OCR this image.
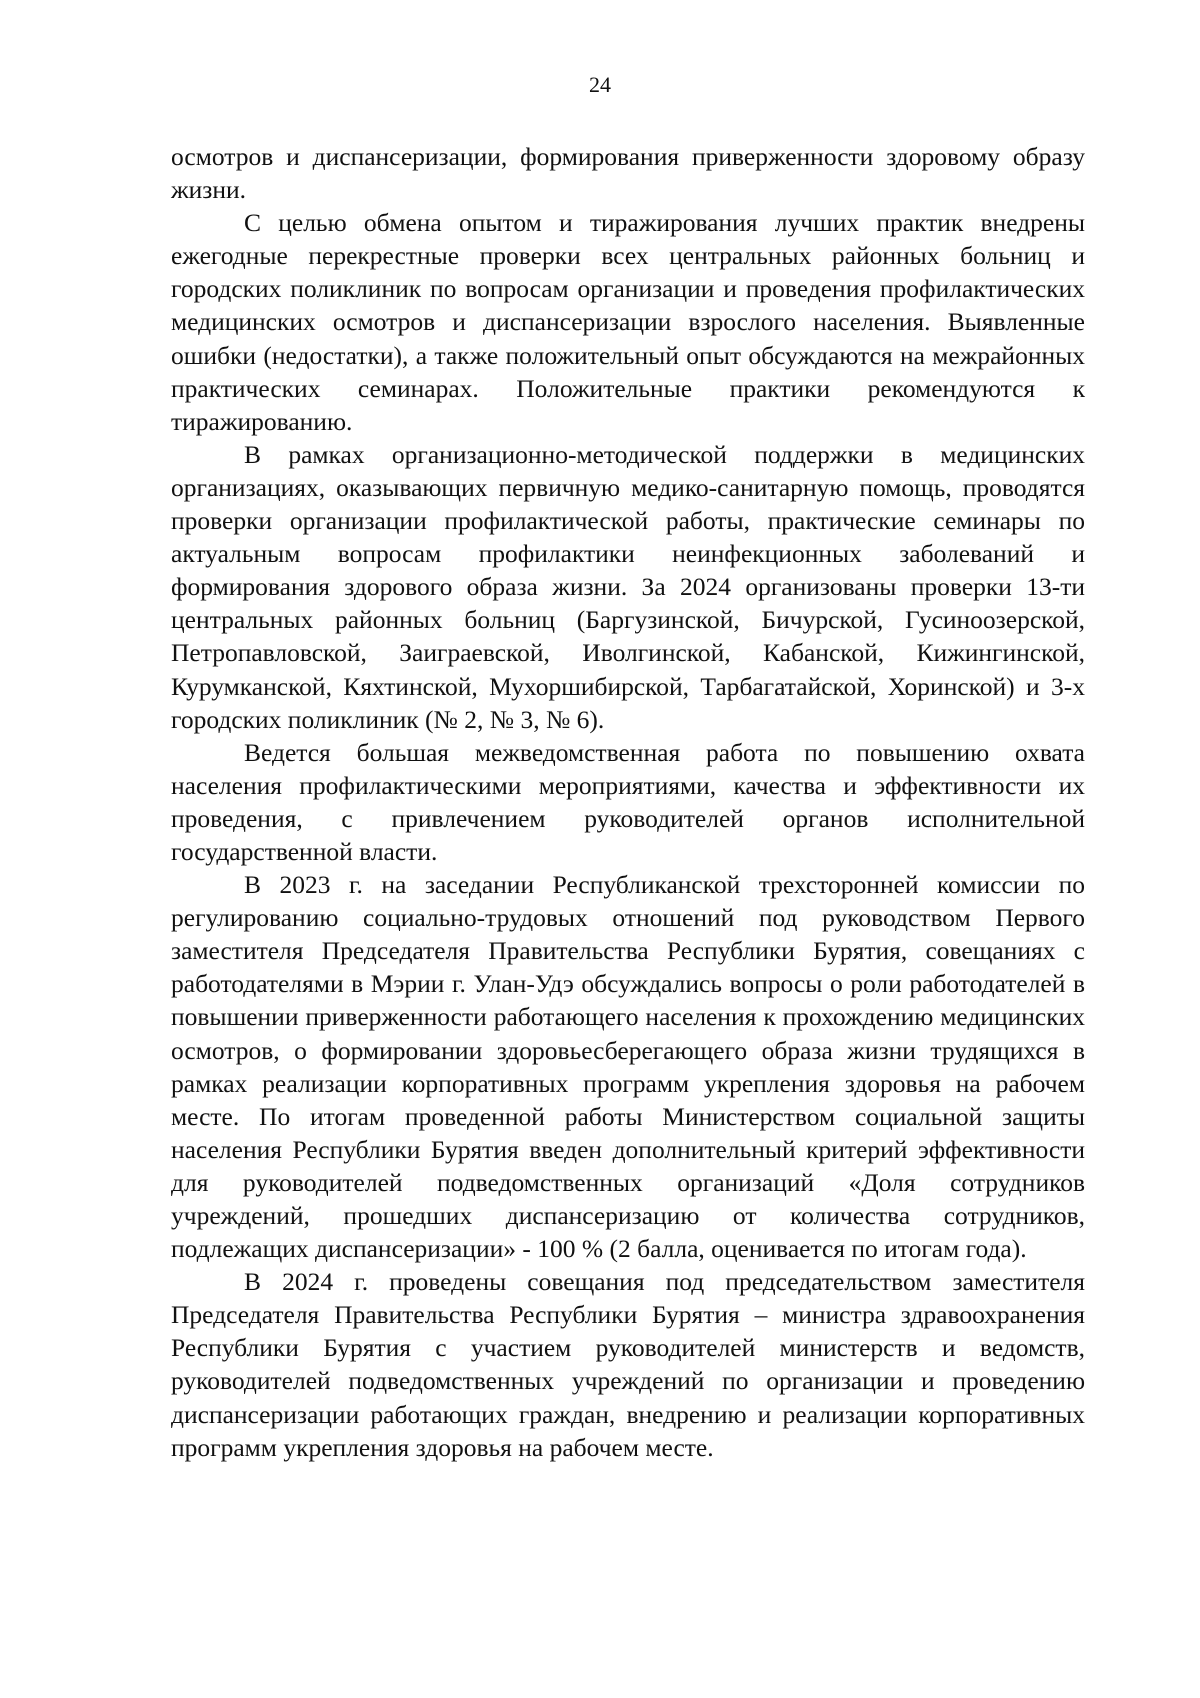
24

осмотров и диспансеризации, формирования приверженности здоровому образу жизни.

С целью обмена опытом и тиражирования лучших практик внедрены ежегодные перекрестные проверки всех центральных районных больниц и городских поликлиник по вопросам организации и проведения профилактических медицинских осмотров и диспансеризации взрослого населения. Выявленные ошибки (недостатки), а также положительный опыт обсуждаются на межрайонных практических семинарах. Положительные практики рекомендуются к тиражированию.

В рамках организационно-методической поддержки в медицинских организациях, оказывающих первичную медико-санитарную помощь, проводятся проверки организации профилактической работы, практические семинары по актуальным вопросам профилактики неинфекционных заболеваний и формирования здорового образа жизни. За 2024 организованы проверки 13-ти центральных районных больниц (Баргузинской, Бичурской, Гусиноозерской, Петропавловской, Заиграевской, Иволгинской, Кабанской, Кижингинской, Курумканской, Кяхтинской, Мухоршибирской, Тарбагатайской, Хоринской) и 3-х городских поликлиник (№ 2, № 3, № 6).

Ведется большая межведомственная работа по повышению охвата населения профилактическими мероприятиями, качества и эффективности их проведения, с привлечением руководителей органов исполнительной государственной власти.

В 2023 г. на заседании Республиканской трехсторонней комиссии по регулированию социально-трудовых отношений под руководством Первого заместителя Председателя Правительства Республики Бурятия, совещаниях с работодателями в Мэрии г. Улан-Удэ обсуждались вопросы о роли работодателей в повышении приверженности работающего населения к прохождению медицинских осмотров, о формировании здоровьесберегающего образа жизни трудящихся в рамках реализации корпоративных программ укрепления здоровья на рабочем месте. По итогам проведенной работы Министерством социальной защиты населения Республики Бурятия введен дополнительный критерий эффективности для руководителей подведомственных организаций «Доля сотрудников учреждений, прошедших диспансеризацию от количества сотрудников, подлежащих диспансеризации» - 100 % (2 балла, оценивается по итогам года).

В 2024 г. проведены совещания под председательством заместителя Председателя Правительства Республики Бурятия – министра здравоохранения Республики Бурятия с участием руководителей министерств и ведомств, руководителей подведомственных учреждений по организации и проведению диспансеризации работающих граждан, внедрению и реализации корпоративных программ укрепления здоровья на рабочем месте.
